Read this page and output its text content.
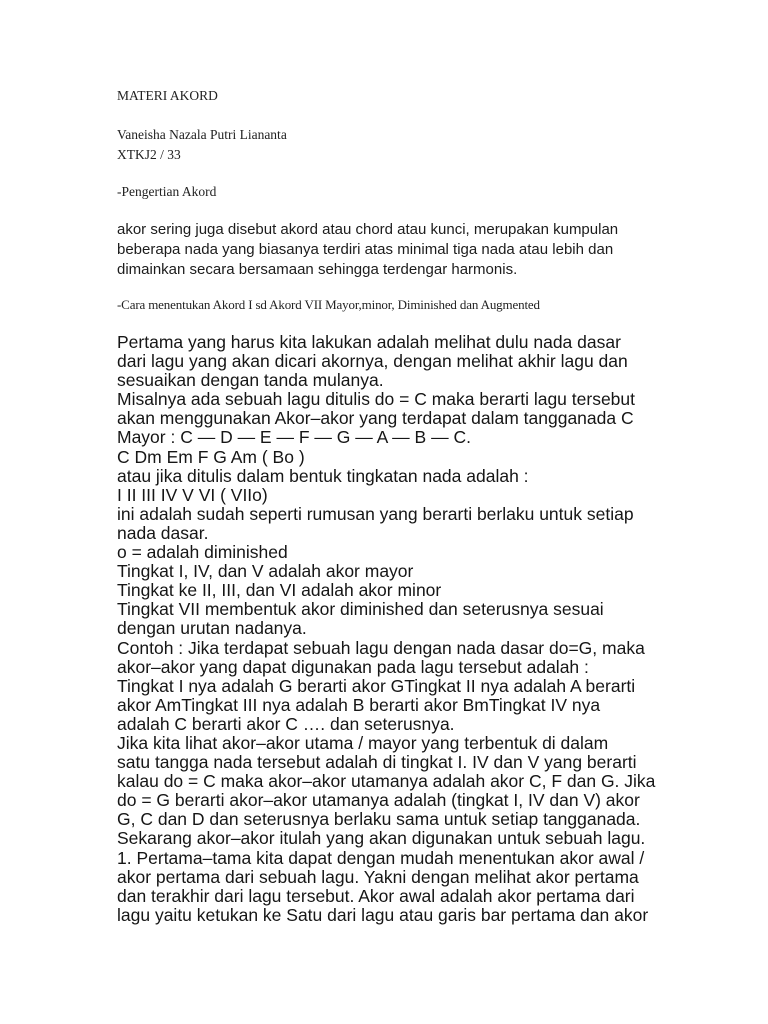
MATERI AKORD
Vaneisha Nazala Putri Liananta
XTKJ2 / 33
-Pengertian Akord
akor sering juga disebut akord atau chord atau kunci, merupakan kumpulan
beberapa nada yang biasanya terdiri atas minimal tiga nada atau lebih dan
dimainkan secara bersamaan sehingga terdengar harmonis.
-Cara menentukan Akord I sd Akord VII Mayor,minor, Diminished dan Augmented
Pertama yang harus kita lakukan adalah melihat dulu nada dasar
dari lagu yang akan dicari akornya, dengan melihat akhir lagu dan
sesuaikan dengan tanda mulanya.
Misalnya ada sebuah lagu ditulis do = C maka berarti lagu tersebut
akan menggunakan Akor–akor yang terdapat dalam tangganada C
Mayor : C — D — E — F — G — A — B — C.
C Dm Em F G Am ( Bo )
atau jika ditulis dalam bentuk tingkatan nada adalah :
I II III IV V VI ( VIIo)
ini adalah sudah seperti rumusan yang berarti berlaku untuk setiap
nada dasar.
o = adalah diminished
Tingkat I, IV, dan V adalah akor mayor
Tingkat ke II, III, dan VI adalah akor minor
Tingkat VII membentuk akor diminished dan seterusnya sesuai
dengan urutan nadanya.
Contoh : Jika terdapat sebuah lagu dengan nada dasar do=G, maka
akor–akor yang dapat digunakan pada lagu tersebut adalah :
Tingkat I nya adalah G berarti akor GTingkat II nya adalah A berarti
akor AmTingkat III nya adalah B berarti akor BmTingkat IV nya
adalah C berarti akor C …. dan seterusnya.
Jika kita lihat akor–akor utama / mayor yang terbentuk di dalam
satu tangga nada tersebut adalah di tingkat I. IV dan V yang berarti
kalau do = C maka akor–akor utamanya adalah akor C, F dan G. Jika
do = G berarti akor–akor utamanya adalah (tingkat I, IV dan V) akor
G, C dan D dan seterusnya berlaku sama untuk setiap tangganada.
Sekarang akor–akor itulah yang akan digunakan untuk sebuah lagu.
1. Pertama–tama kita dapat dengan mudah menentukan akor awal /
akor pertama dari sebuah lagu. Yakni dengan melihat akor pertama
dan terakhir dari lagu tersebut. Akor awal adalah akor pertama dari
lagu yaitu ketukan ke Satu dari lagu atau garis bar pertama dan akor
